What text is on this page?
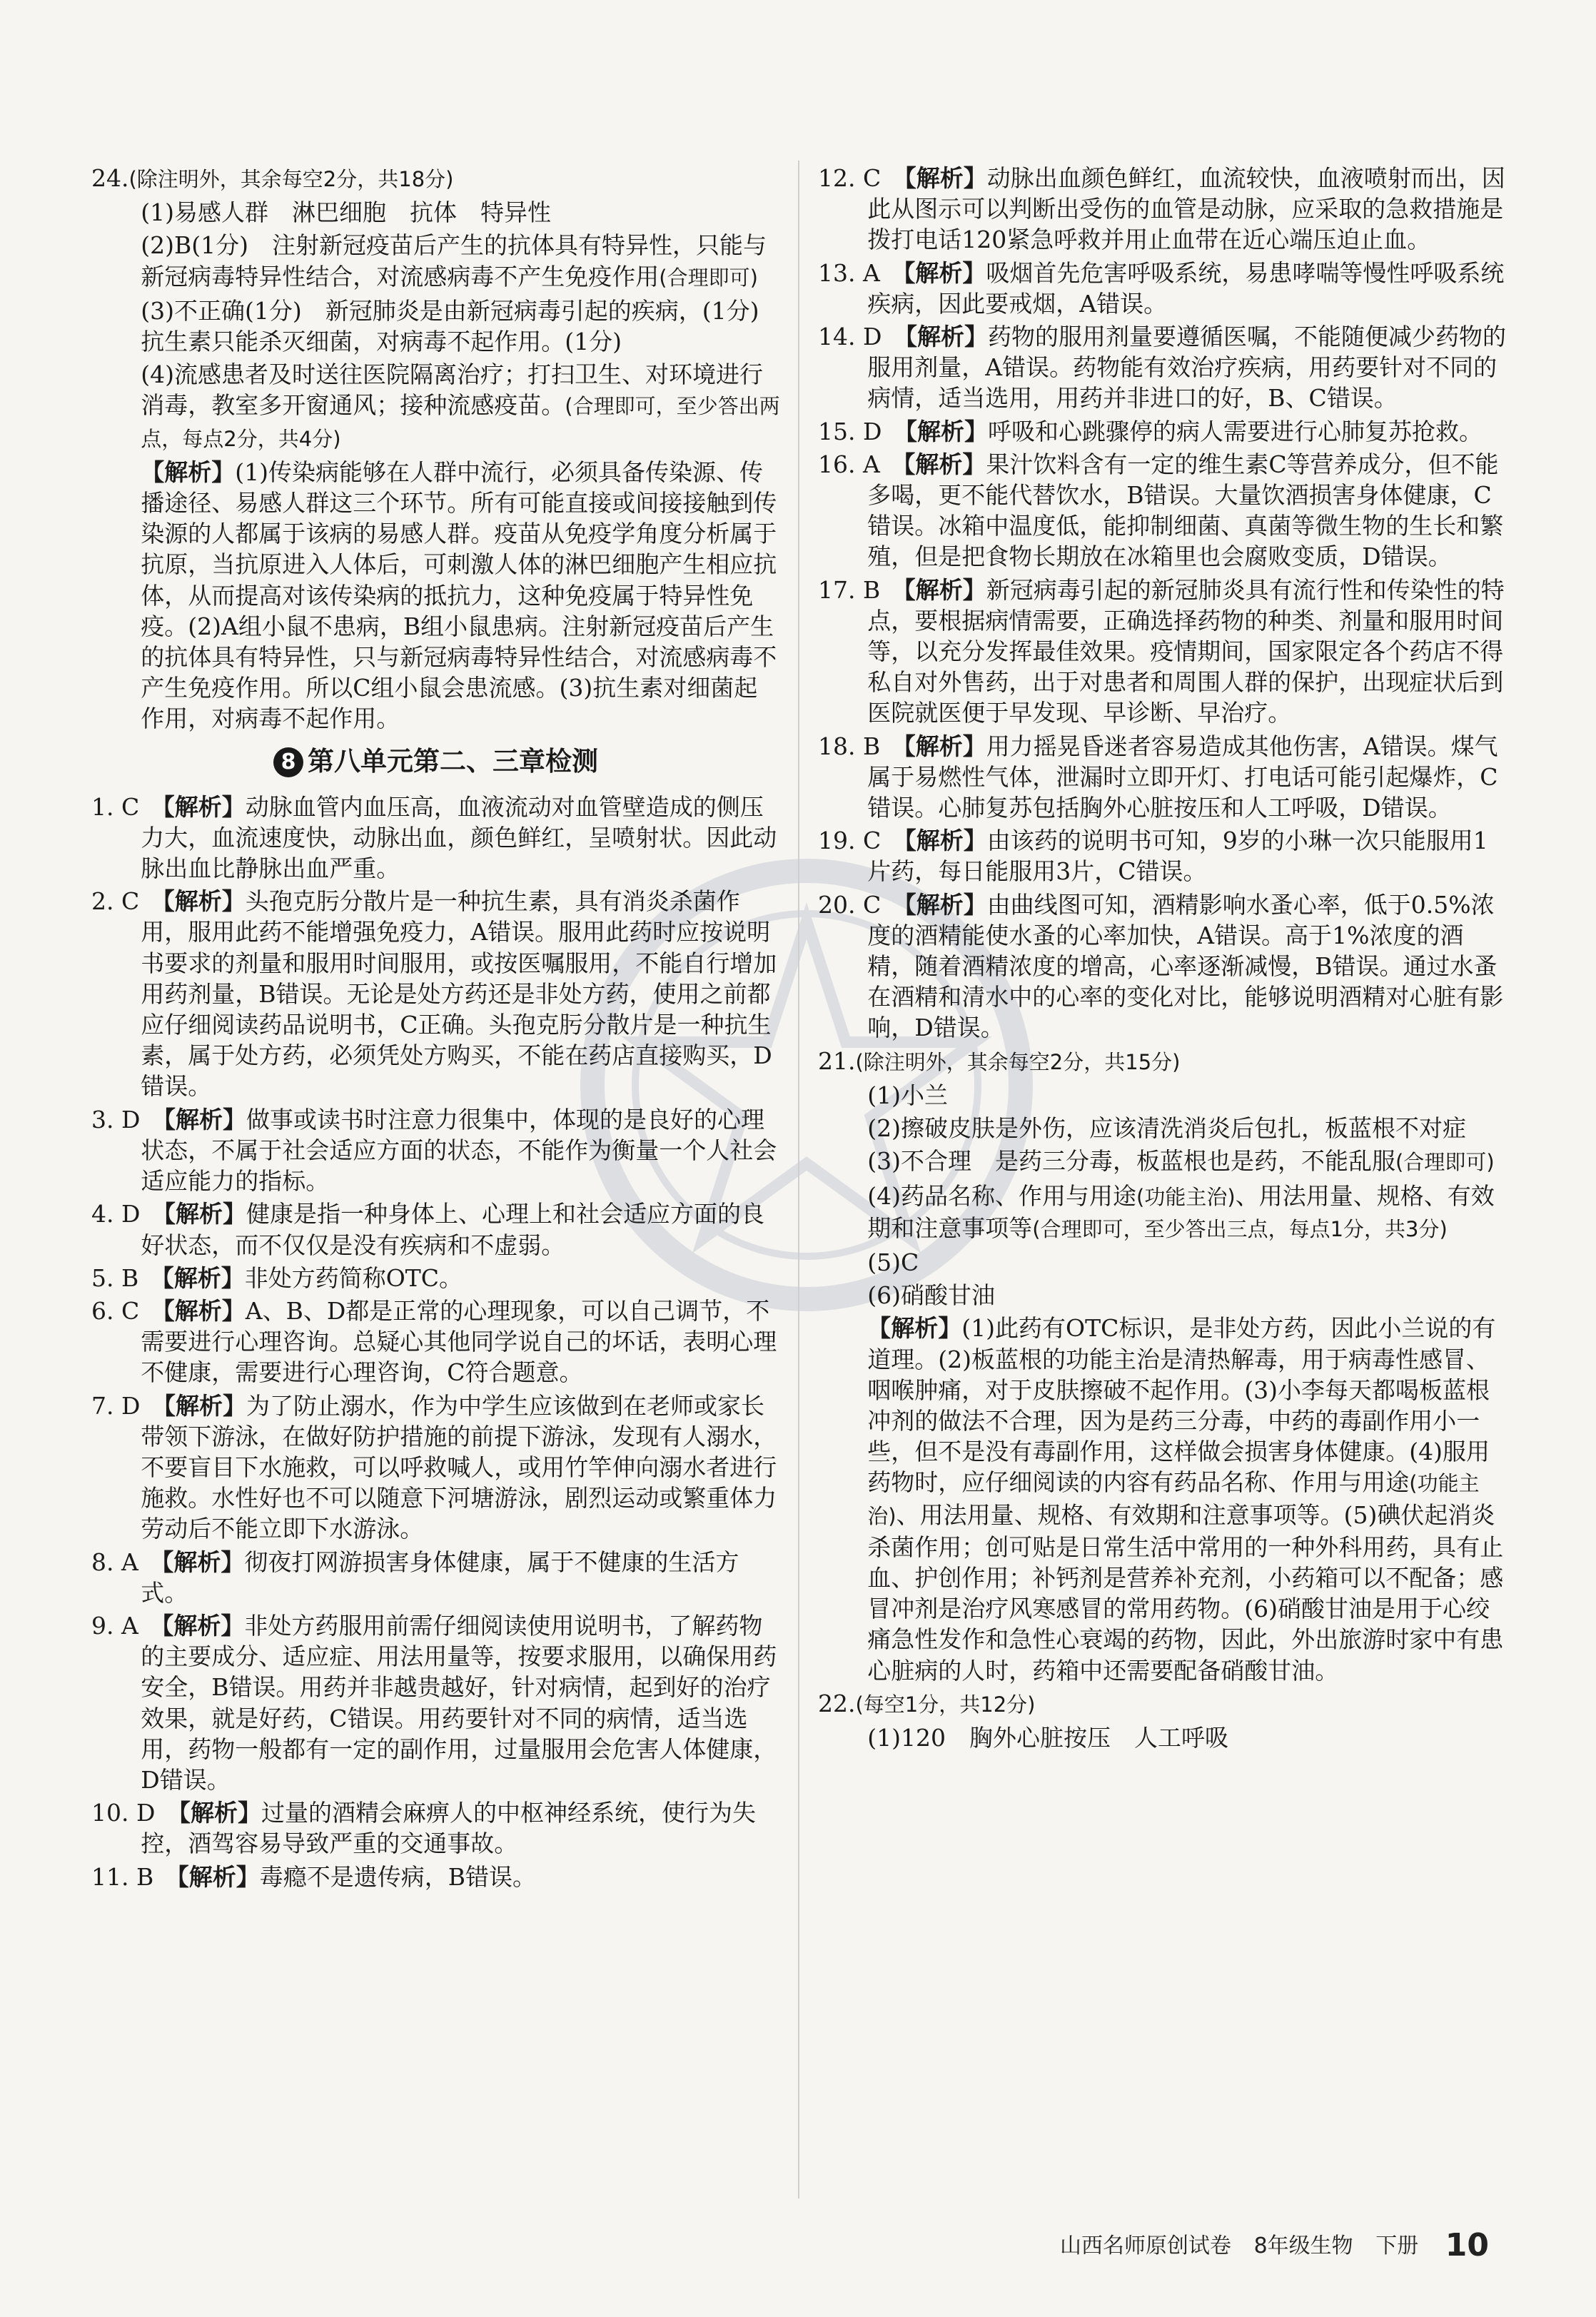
24.(除注明外，其余每空2分，共18分)

(1)易感人群　淋巴细胞　抗体　特异性

(2)B(1分)　注射新冠疫苗后产生的抗体具有特异性，只能与新冠病毒特异性结合，对流感病毒不产生免疫作用(合理即可)

(3)不正确(1分)　新冠肺炎是由新冠病毒引起的疾病，(1分)抗生素只能杀灭细菌，对病毒不起作用。(1分)

(4)流感患者及时送往医院隔离治疗；打扫卫生、对环境进行消毒，教室多开窗通风；接种流感疫苗。(合理即可，至少答出两点，每点2分，共4分)

【解析】(1)传染病能够在人群中流行，必须具备传染源、传播途径、易感人群这三个环节。所有可能直接或间接接触到传染源的人都属于该病的易感人群。疫苗从免疫学角度分析属于抗原，当抗原进入人体后，可刺激人体的淋巴细胞产生相应抗体，从而提高对该传染病的抵抗力，这种免疫属于特异性免疫。(2)A组小鼠不患病，B组小鼠患病。注射新冠疫苗后产生的抗体具有特异性，只与新冠病毒特异性结合，对流感病毒不产生免疫作用。所以C组小鼠会患流感。(3)抗生素对细菌起作用，对病毒不起作用。

8 第八单元第二、三章检测

1. C　【解析】动脉血管内血压高，血液流动对血管壁造成的侧压力大，血流速度快，动脉出血，颜色鲜红，呈喷射状。因此动脉出血比静脉出血严重。

2. C　【解析】头孢克肟分散片是一种抗生素，具有消炎杀菌作用，服用此药不能增强免疫力，A错误。服用此药时应按说明书要求的剂量和服用时间服用，或按医嘱服用，不能自行增加用药剂量，B错误。无论是处方药还是非处方药，使用之前都应仔细阅读药品说明书，C正确。头孢克肟分散片是一种抗生素，属于处方药，必须凭处方购买，不能在药店直接购买，D错误。

3. D　【解析】做事或读书时注意力很集中，体现的是良好的心理状态，不属于社会适应方面的状态，不能作为衡量一个人社会适应能力的指标。

4. D　【解析】健康是指一种身体上、心理上和社会适应方面的良好状态，而不仅仅是没有疾病和不虚弱。

5. B　【解析】非处方药简称OTC。

6. C　【解析】A、B、D都是正常的心理现象，可以自己调节，不需要进行心理咨询。总疑心其他同学说自己的坏话，表明心理不健康，需要进行心理咨询，C符合题意。

7. D　【解析】为了防止溺水，作为中学生应该做到在老师或家长带领下游泳，在做好防护措施的前提下游泳，发现有人溺水，不要盲目下水施救，可以呼救喊人，或用竹竿伸向溺水者进行施救。水性好也不可以随意下河塘游泳，剧烈运动或繁重体力劳动后不能立即下水游泳。

8. A　【解析】彻夜打网游损害身体健康，属于不健康的生活方式。

9. A　【解析】非处方药服用前需仔细阅读使用说明书，了解药物的主要成分、适应症、用法用量等，按要求服用，以确保用药安全，B错误。用药并非越贵越好，针对病情，起到好的治疗效果，就是好药，C错误。用药要针对不同的病情，适当选用，药物一般都有一定的副作用，过量服用会危害人体健康，D错误。

10. D　【解析】过量的酒精会麻痹人的中枢神经系统，使行为失控，酒驾容易导致严重的交通事故。

11. B　【解析】毒瘾不是遗传病，B错误。

12. C　【解析】动脉出血颜色鲜红，血流较快，血液喷射而出，因此从图示可以判断出受伤的血管是动脉，应采取的急救措施是拨打电话120紧急呼救并用止血带在近心端压迫止血。

13. A　【解析】吸烟首先危害呼吸系统，易患哮喘等慢性呼吸系统疾病，因此要戒烟，A错误。

14. D　【解析】药物的服用剂量要遵循医嘱，不能随便减少药物的服用剂量，A错误。药物能有效治疗疾病，用药要针对不同的病情，适当选用，用药并非进口的好，B、C错误。

15. D　【解析】呼吸和心跳骤停的病人需要进行心肺复苏抢救。

16. A　【解析】果汁饮料含有一定的维生素C等营养成分，但不能多喝，更不能代替饮水，B错误。大量饮酒损害身体健康，C错误。冰箱中温度低，能抑制细菌、真菌等微生物的生长和繁殖，但是把食物长期放在冰箱里也会腐败变质，D错误。

17. B　【解析】新冠病毒引起的新冠肺炎具有流行性和传染性的特点，要根据病情需要，正确选择药物的种类、剂量和服用时间等，以充分发挥最佳效果。疫情期间，国家限定各个药店不得私自对外售药，出于对患者和周围人群的保护，出现症状后到医院就医便于早发现、早诊断、早治疗。

18. B　【解析】用力摇晃昏迷者容易造成其他伤害，A错误。煤气属于易燃性气体，泄漏时立即开灯、打电话可能引起爆炸，C错误。心肺复苏包括胸外心脏按压和人工呼吸，D错误。

19. C　【解析】由该药的说明书可知，9岁的小琳一次只能服用1片药，每日能服用3片，C错误。

20. C　【解析】由曲线图可知，酒精影响水蚤心率，低于0.5%浓度的酒精能使水蚤的心率加快，A错误。高于1%浓度的酒精，随着酒精浓度的增高，心率逐渐减慢，B错误。通过水蚤在酒精和清水中的心率的变化对比，能够说明酒精对心脏有影响，D错误。

21.(除注明外，其余每空2分，共15分)

(1)小兰

(2)擦破皮肤是外伤，应该清洗消炎后包扎，板蓝根不对症

(3)不合理　是药三分毒，板蓝根也是药，不能乱服(合理即可)

(4)药品名称、作用与用途(功能主治)、用法用量、规格、有效期和注意事项等(合理即可，至少答出三点，每点1分，共3分)

(5)C

(6)硝酸甘油

【解析】(1)此药有OTC标识，是非处方药，因此小兰说的有道理。(2)板蓝根的功能主治是清热解毒，用于病毒性感冒、咽喉肿痛，对于皮肤擦破不起作用。(3)小李每天都喝板蓝根冲剂的做法不合理，因为是药三分毒，中药的毒副作用小一些，但不是没有毒副作用，这样做会损害身体健康。(4)服用药物时，应仔细阅读的内容有药品名称、作用与用途(功能主治)、用法用量、规格、有效期和注意事项等。(5)碘伏起消炎杀菌作用；创可贴是日常生活中常用的一种外科用药，具有止血、护创作用；补钙剂是营养补充剂，小药箱可以不配备；感冒冲剂是治疗风寒感冒的常用药物。(6)硝酸甘油是用于心绞痛急性发作和急性心衰竭的药物，因此，外出旅游时家中有患心脏病的人时，药箱中还需要配备硝酸甘油。

22.(每空1分，共12分)

(1)120　胸外心脏按压　人工呼吸

山西名师原创试卷 8年级生物 下册 10
